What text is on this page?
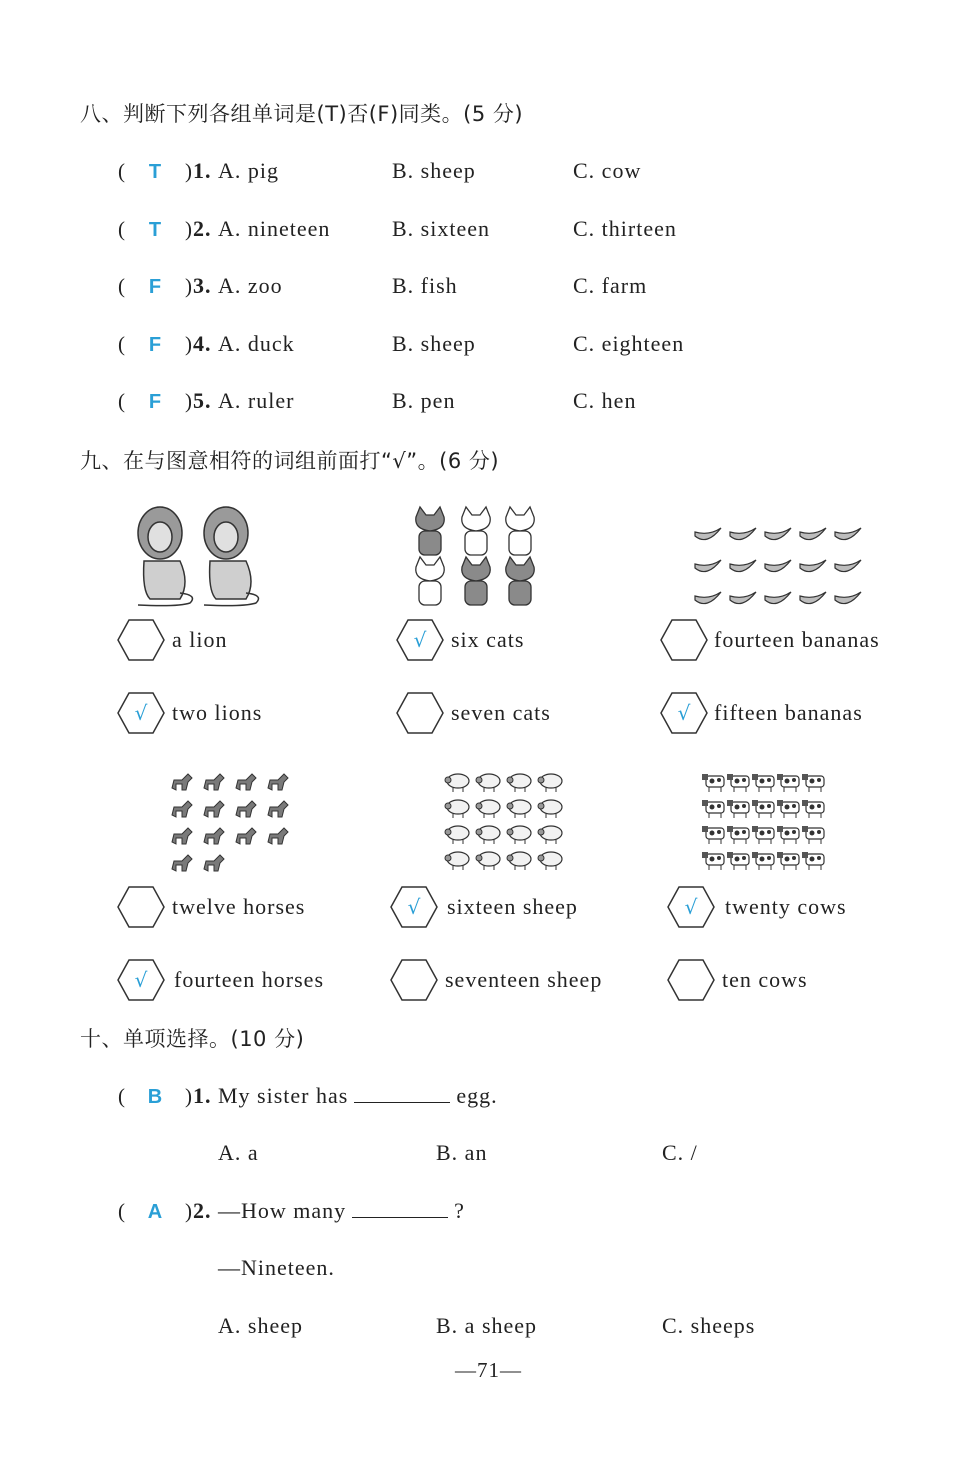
八、判断下列各组单词是(T)否(F)同类。(5 分)
( T )1. A. pig	B. sheep	C. cow
( T )2. A. nineteen	B. sixteen	C. thirteen
( F )3. A. zoo	B. fish	C. farm
( F )4. A. duck	B. sheep	C. eighteen
( F )5. A. ruler	B. pen	C. hen
九、在与图意相符的词组前面打“√”。(6 分)
a lion
√	two lions
√	six cats
seven cats
fourteen bananas
√	fifteen bananas
twelve horses
√	fourteen horses
√	sixteen sheep
seventeen sheep
√	twenty cows
ten cows
十、单项选择。(10 分)
( B )1. My sister has	egg.
A. a	B. an	C. /
( A )2. —How many	?
—Nineteen.
A. sheep	B. a sheep	C. sheeps
—71—
